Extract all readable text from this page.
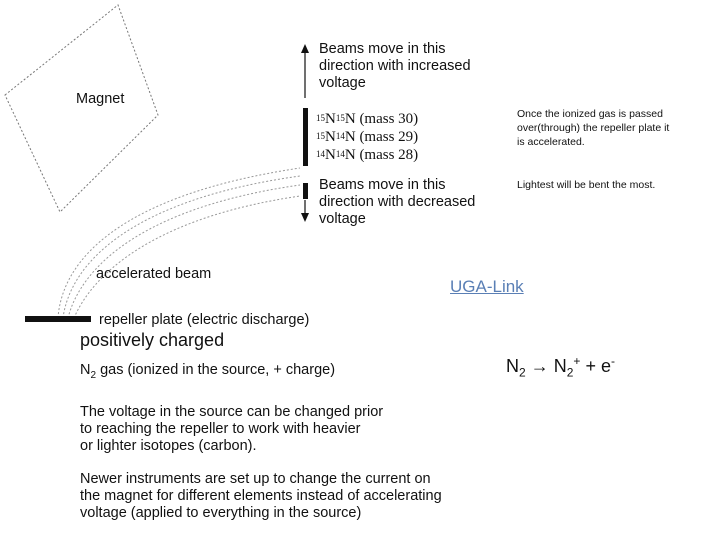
Magnet
Beams move in this
direction with increased
voltage
$^{15}N^{15}N$ (mass 30)
$^{15}N^{14}N$ (mass 29)
$^{14}N^{14}N$ (mass 28)
Beams move in this
direction with decreased
voltage
Once the ionized gas is passed
over(through) the repeller plate it
is accelerated.
Lightest will be bent the most.
accelerated beam
UGA-Link
repeller plate (electric discharge)
positively charged
$N_2$ gas (ionized in the source, + charge)	$N_2 \to N_2^+ + e^-$
The voltage in the source can be changed prior
to reaching the repeller to work with heavier
or lighter isotopes (carbon).
Newer instruments are set up to change the current on
the magnet for different elements instead of accelerating
voltage (applied to everything in the source)
